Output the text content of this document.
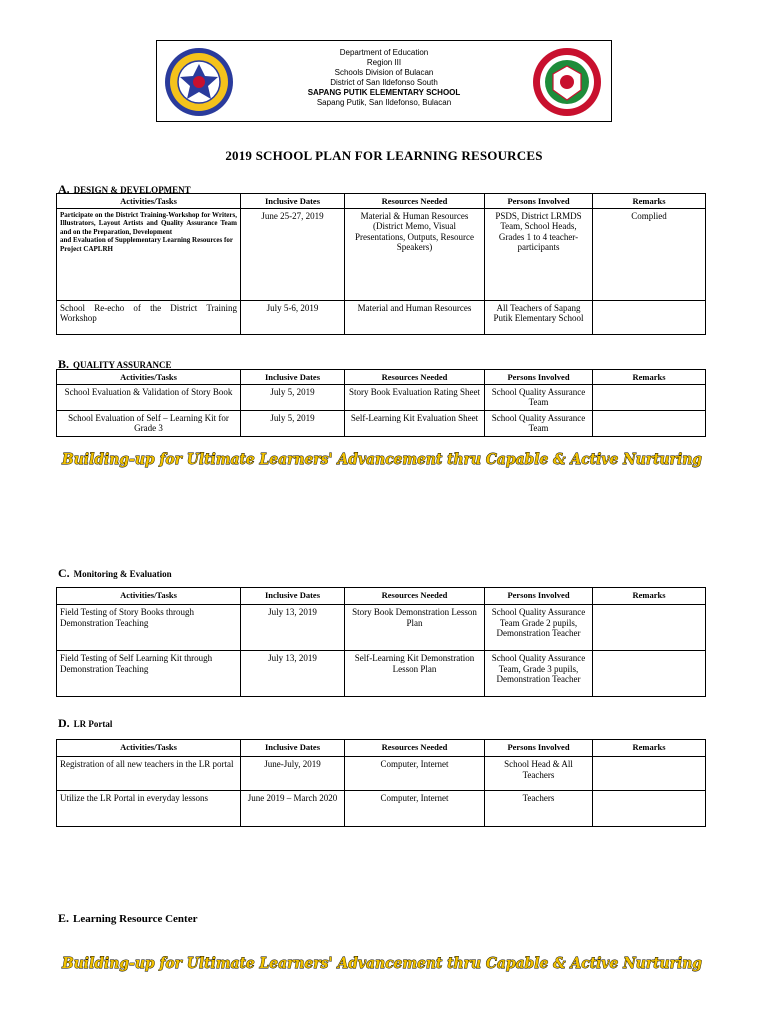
Department of Education
Region III
Schools Division of Bulacan
District of San Ildefonso South
SAPANG PUTIK ELEMENTARY SCHOOL
Sapang Putik, San Ildefonso, Bulacan
2019 SCHOOL PLAN FOR LEARNING RESOURCES
A. DESIGN & DEVELOPMENT
Activities/Tasks	Inclusive Dates	Resources Needed	Persons Involved	Remarks

Participate on the District Training-Workshop for Writers, Illustrators, Layout Artists and Quality Assurance Team and on the Preparation, Development
and Evaluation of Supplementary Learning Resources for
Project CAPLRH	June 25-27, 2019	Material & Human Resources (District Memo, Visual Presentations, Outputs, Resource Speakers)	PSDS, District LRMDS Team, School Heads, Grades 1 to 4 teacher-participants	Complied
School Re-echo of the District Training Workshop	July 5-6, 2019	Material and Human Resources	All Teachers of Sapang Putik Elementary School	
B. QUALITY ASSURANCE
Activities/Tasks	Inclusive Dates	Resources Needed	Persons Involved	Remarks
School Evaluation & Validation of Story Book	July 5, 2019	Story Book Evaluation Rating Sheet	School Quality Assurance Team	
School Evaluation of Self – Learning Kit for Grade 3	July 5, 2019	Self-Learning Kit Evaluation Sheet	School Quality Assurance Team	
Building-up for Ultimate Learners' Advancement thru Capable & Active Nurturing
C. Monitoring & Evaluation
Activities/Tasks	Inclusive Dates	Resources Needed	Persons Involved	Remarks
Field Testing of Story Books through Demonstration Teaching	July 13, 2019	Story Book Demonstration Lesson Plan	School Quality Assurance Team Grade 2 pupils, Demonstration Teacher	
Field Testing of Self Learning Kit through Demonstration Teaching	July 13, 2019	Self-Learning Kit Demonstration Lesson Plan	School Quality Assurance Team, Grade 3 pupils, Demonstration Teacher	
D. LR Portal
Activities/Tasks	Inclusive Dates	Resources Needed	Persons Involved	Remarks
Registration of all new teachers in the LR portal	June-July, 2019	Computer, Internet	School Head & All Teachers	
Utilize the LR Portal in everyday lessons	June 2019 – March 2020	Computer, Internet	Teachers	
E. Learning Resource Center
Building-up for Ultimate Learners' Advancement thru Capable & Active Nurturing
